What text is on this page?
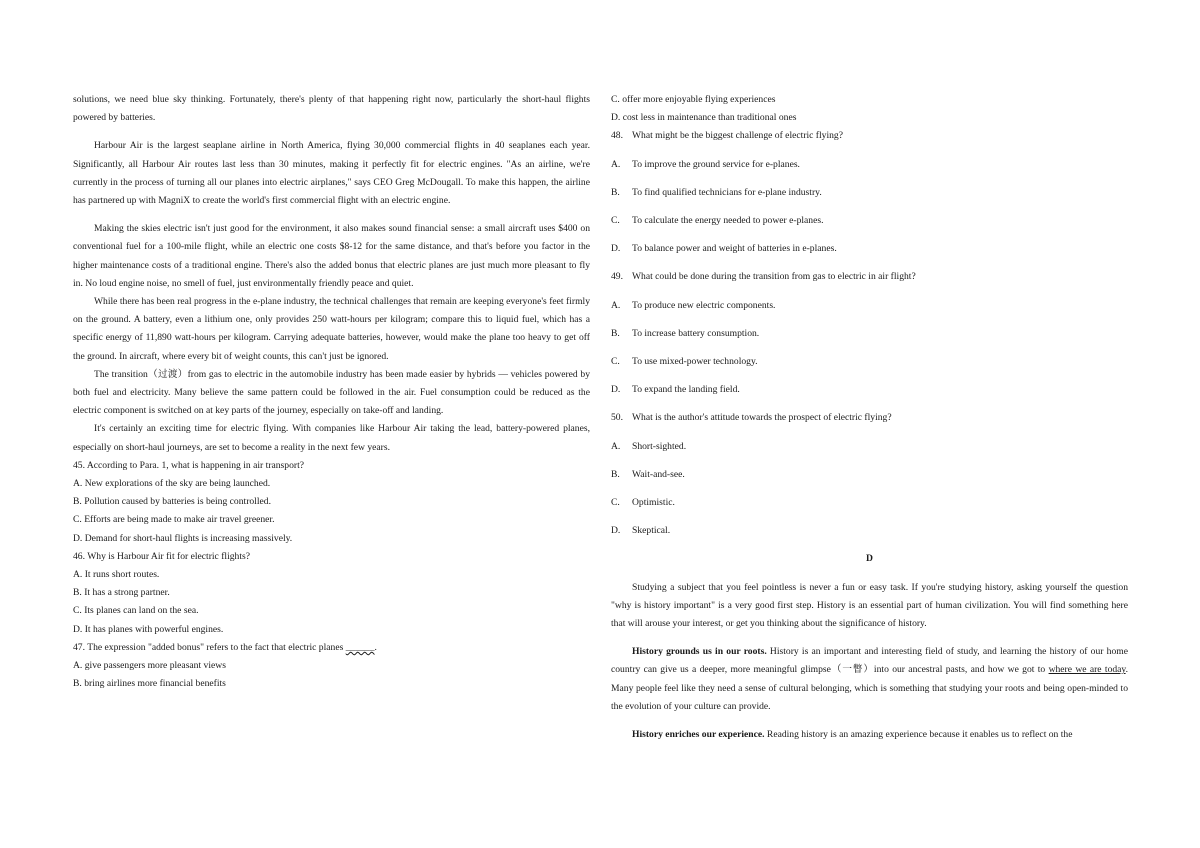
solutions, we need blue sky thinking. Fortunately, there's plenty of that happening right now, particularly the short-haul flights powered by batteries.

Harbour Air is the largest seaplane airline in North America, flying 30,000 commercial flights in 40 seaplanes each year. Significantly, all Harbour Air routes last less than 30 minutes, making it perfectly fit for electric engines. "As an airline, we're currently in the process of turning all our planes into electric airplanes," says CEO Greg McDougall. To make this happen, the airline has partnered up with MagniX to create the world's first commercial flight with an electric engine.

Making the skies electric isn't just good for the environment, it also makes sound financial sense: a small aircraft uses $400 on conventional fuel for a 100-mile flight, while an electric one costs $8-12 for the same distance, and that's before you factor in the higher maintenance costs of a traditional engine. There's also the added bonus that electric planes are just much more pleasant to fly in. No loud engine noise, no smell of fuel, just environmentally friendly peace and quiet.

While there has been real progress in the e-plane industry, the technical challenges that remain are keeping everyone's feet firmly on the ground. A battery, even a lithium one, only provides 250 watt-hours per kilogram; compare this to liquid fuel, which has a specific energy of 11,890 watt-hours per kilogram. Carrying adequate batteries, however, would make the plane too heavy to get off the ground. In aircraft, where every bit of weight counts, this can't just be ignored.

The transition（过渡）from gas to electric in the automobile industry has been made easier by hybrids — vehicles powered by both fuel and electricity. Many believe the same pattern could be followed in the air. Fuel consumption could be reduced as the electric component is switched on at key parts of the journey, especially on take-off and landing.

It's certainly an exciting time for electric flying. With companies like Harbour Air taking the lead, battery-powered planes, especially on short-haul journeys, are set to become a reality in the next few years.

45. According to Para. 1, what is happening in air transport?

A. New explorations of the sky are being launched.

B. Pollution caused by batteries is being controlled.

C. Efforts are being made to make air travel greener.

D. Demand for short-haul flights is increasing massively.

46. Why is Harbour Air fit for electric flights?

A. It runs short routes.

B. It has a strong partner.

C. Its planes can land on the sea.

D. It has planes with powerful engines.

47. The expression "added bonus" refers to the fact that electric planes ______.

A. give passengers more pleasant views

B. bring airlines more financial benefits

C. offer more enjoyable flying experiences

D. cost less in maintenance than traditional ones

48. What might be the biggest challenge of electric flying?

A. To improve the ground service for e-planes.

B. To find qualified technicians for e-plane industry.

C. To calculate the energy needed to power e-planes.

D. To balance power and weight of batteries in e-planes.

49. What could be done during the transition from gas to electric in air flight?

A. To produce new electric components.

B. To increase battery consumption.

C. To use mixed-power technology.

D. To expand the landing field.

50. What is the author's attitude towards the prospect of electric flying?

A. Short-sighted.

B. Wait-and-see.

C. Optimistic.

D. Skeptical.

D

Studying a subject that you feel pointless is never a fun or easy task. If you're studying history, asking yourself the question "why is history important" is a very good first step. History is an essential part of human civilization. You will find something here that will arouse your interest, or get you thinking about the significance of history.

History grounds us in our roots. History is an important and interesting field of study, and learning the history of our home country can give us a deeper, more meaningful glimpse（一瞥）into our ancestral pasts, and how we got to where we are today. Many people feel like they need a sense of cultural belonging, which is something that studying your roots and being open-minded to the evolution of your culture can provide.

History enriches our experience. Reading history is an amazing experience because it enables us to reflect on the
